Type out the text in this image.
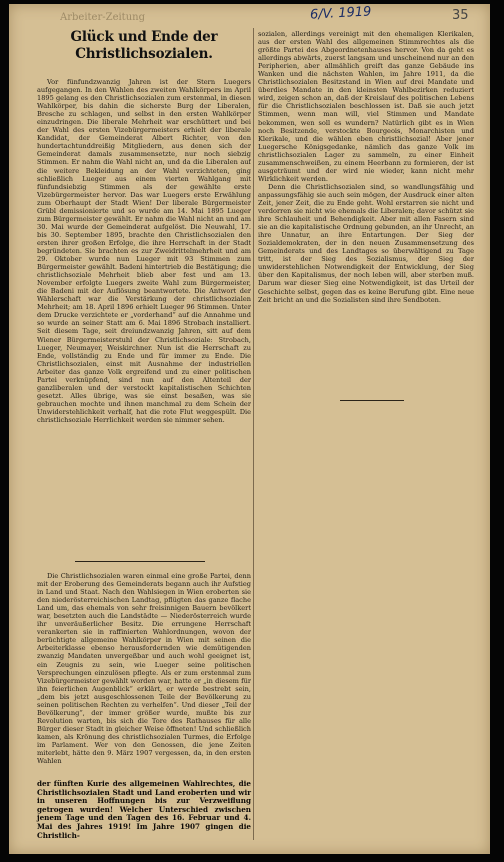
Arbeiter-Zeitung	6/V. 1919	35
Glück und Ende der Christlichsozialen.

Vor fünfundzwanzig Jahren ist der Stern Luegers aufgegangen. In den Wahlen des zweiten Wahlkörpers im April 1895 gelang es den Christlichsozialen zum erstenmal, in diesen Wahlkörper, bis dahin die sicherste Burg der Liberalen, Bresche zu schlagen, und selbst in den ersten Wahlkörper einzudringen. Die liberale Mehrheit war erschüttert und bei der Wahl des ersten Vizebürgermeisters erhielt der liberale Kandidat, der Gemeinderat Albert Richter, von den hundertachtunddreißig Mitgliedern, aus denen sich der Gemeinderat damals zusammensetzte, nur noch siebzig Stimmen. Er nahm die Wahl nicht an, und da die Liberalen auf die weitere Bekleidung an der Wahl verzichteten, ging schließlich Lueger aus einem vierten Wahlgang mit fünfundsiebzig Stimmen als der gewählte erste Vizebürgermeister hervor. Das war Luegers erste Erwählung zum Oberhaupt der Stadt Wien! Der liberale Bürgermeister Grübl demissionierte und so wurde am 14. Mai 1895 Lueger zum Bürgermeister gewählt. Er nahm die Wahl nicht an und am 30. Mai wurde der Gemeinderat aufgelöst. Die Neuwahl, 17. bis 30. September 1895, brachte den Christlichsozialen den ersten ihrer großen Erfolge, die ihre Herrschaft in der Stadt begründeten. Sie brachten es zur Zweidrittelmehrheit und am 29. Oktober wurde nun Lueger mit 93 Stimmen zum Bürgermeister gewählt. Badeni hintertrieb die Bestätigung; die christlichsoziale Mehrheit blieb aber fest und am 13. November erfolgte Luegers zweite Wahl zum Bürgermeister, die Badeni mit der Auflösung beantwortete. Die Antwort der Wählerschaft war die Verstärkung der christlichsozialen Mehrheit; am 18. April 1896 erhielt Lueger 96 Stimmen. Unter dem Drucke verzichtete er „vorderhand“ auf die Annahme und so wurde an seiner Statt am 6. Mai 1896 Strobach installiert. Seit diesem Tage, seit dreiundzwanzig Jahren, sitt auf dem Wiener Bürgermeisterstuhl der Christlichsoziale: Strobach, Lueger, Neumayer, Weiskirchner. Nun ist die Herrschaft zu Ende, vollständig zu Ende und für immer zu Ende. Die Christlichsozialen, einst mit Ausnahme der industriellen Arbeiter das ganze Volk ergreifend und zu einer politischen Partei verknüpfend, sind nun auf den Altenteil der ganzliberalen und der verstockt kapitalistischen Schichten gesetzt. Alles übrige, was sie einst besaßen, was sie gebrauchen mochte und ihnen manchmal zu dem Schein der Unwiderstehlichkeit verhalf, hat die rote Flut weggespült. Die christlichsoziale Herrlichkeit werden sie nimmer sehen.

Die Christlichsozialen waren einmal eine große Partei, denn mit der Eroberung des Gemeinderats begann auch ihr Aufstieg in Land und Staat. Nach den Wahlsiegen in Wien eroberten sie den niederösterreichischen Landtag, pflügten das ganze flache Land um, das ehemals von sehr freisinnigen Bauern bevölkert war, besetzten auch die Landstädte — Niederösterreich wurde ihr unveräußerlicher Besitz. Die errungene Herrschaft verankerten sie in raffinierten Wahlordnungen, wovon der berüchtigte allgemeine Wahlkörper in Wien mit seinen die Arbeiterklasse ebenso herausfordernden wie demütigenden zwanzig Mandaten unvergeßbar und auch wohl geeignet ist, ein Zeugnis zu sein, wie Lueger seine politischen Versprechungen einzulösen pflegte. Als er zum erstenmal zum Vizebürgermeister gewählt worden war, hatte er „in diesem für ihn feierlichen Augenblick“ erklärt, er werde bestrebt sein, „dem bis jetzt ausgeschlossenen Teile der Bevölkerung zu seinen politischen Rechten zu verhelfen“. Und dieser „Teil der Bevölkerung“, der immer größer wurde, mußte bis zur Revolution warten, bis sich die Tore des Rathauses für alle Bürger dieser Stadt in gleicher Weise öffneten! Und schließlich kamen, als Krönung des christlichsozialen Turmes, die Erfolge im Parlament. Wer von den Genossen, die jene Zeiten miterlebt, hätte den 9. März 1907 vergessen, da, in den ersten Wahlen

der fünften Kurie des allgemeinen Wahlrechtes, die Christlichsozialen Stadt und Land eroberten und wir in unseren Hoffnungen bis zur Verzweiflung getrogen wurden! Welcher Unterschied zwischen jenem Tage und den Tagen des 16. Februar und 4. Mai des Jahres 1919! Im Jahre 1907 gingen die Christlich-

sozialen, allerdings vereinigt mit den ehemaligen Klerikalen, aus der ersten Wahl des allgemeinen Stimmrechtes als die größte Partei des Abgeordnetenhauses hervor. Von da geht es allerdings abwärts, zuerst langsam und unscheinend nur an den Peripherien, aber allmählich greift das ganze Gebäude ins Wanken und die nächsten Wahlen, im Jahre 1911, da die Christlichsozialen Besitzstand in Wien auf drei Mandate und überdies Mandate in den kleinsten Wahlbezirken reduziert wird, zeigen schon an, daß der Kreislauf des politischen Lebens für die Christlichsozialen beschlossen ist. Daß sie auch jetzt Stimmen, wenn man will, viel Stimmen und Mandate bekommen, wen soll es wundern? Natürlich gibt es in Wien noch Besitzende, verstockte Bourgeois, Monarchisten und Klerikale, und die wählen eben christlichsozial! Aber jener Luegersche Königsgedanke, nämlich das ganze Volk im christlichsozialen Lager zu sammeln, zu einer Einheit zusammenschweißen, zu einem Heerbann zu formieren, der ist ausgeträumt und der wird nie wieder, kann nicht mehr Wirklichkeit werden.

Denn die Christlichsozialen sind, so wandlungsfähig und anpassungsfähig sie auch sein mögen, der Ausdruck einer alten Zeit, jener Zeit, die zu Ende geht. Wohl erstarren sie nicht und verdorren sie nicht wie ehemals die Liberalen; davor schützt sie ihre Schlauheit und Behendigkeit. Aber mit allen Fasern sind sie an die kapitalistische Ordnung gebunden, an ihr Unrecht, an ihre Unnatur, an ihre Entartungen. Der Sieg der Sozialdemokraten, der in den neuen Zusammensetzung des Gemeinderats und des Landtages so überwältigend zu Tage tritt, ist der Sieg des Sozialismus, der Sieg der unwiderstehlichen Notwendigkeit der Entwicklung, der Sieg über den Kapitalismus, der noch leben will, aber sterben muß. Darum war dieser Sieg eine Notwendigkeit, ist das Urteil der Geschichte selbst, gegen das es keine Berufung gibt. Eine neue Zeit bricht an und die Sozialisten sind ihre Sendboten.
